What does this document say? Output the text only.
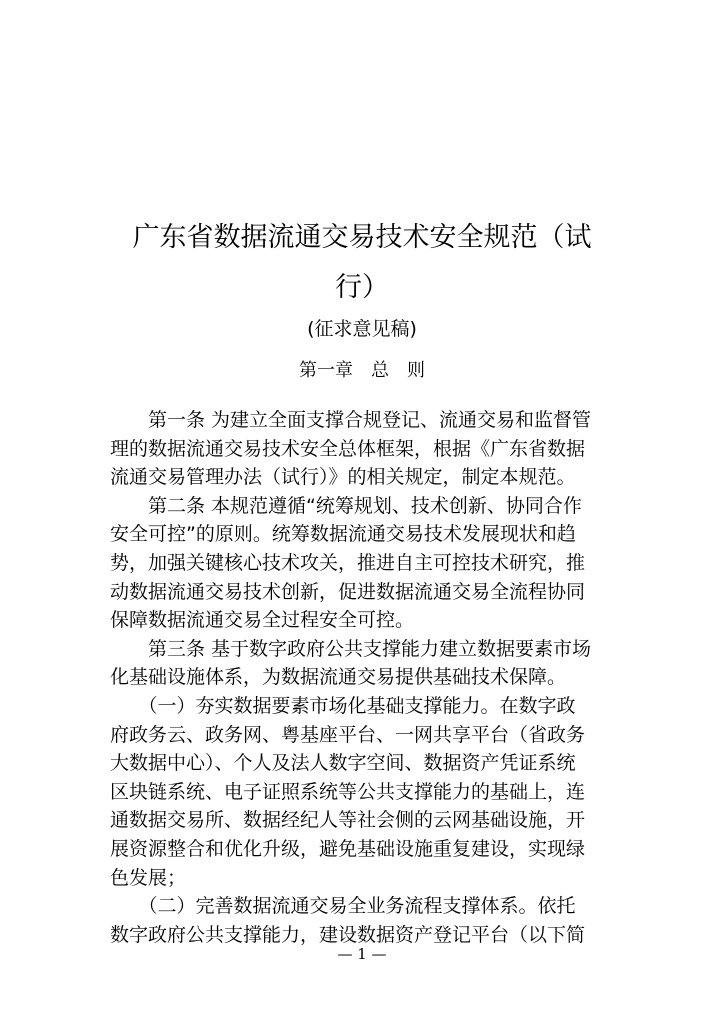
广东省数据流通交易技术安全规范（试
行）
(征求意见稿)
第一章　总　则
　　第一条 为建立全面支撑合规登记、流通交易和监督管
理的数据流通交易技术安全总体框架，根据《广东省数据
流通交易管理办法（试行）》的相关规定，制定本规范。
　　第二条 本规范遵循“统筹规划、技术创新、协同合作
安全可控”的原则。统筹数据流通交易技术发展现状和趋
势，加强关键核心技术攻关，推进自主可控技术研究，推
动数据流通交易技术创新，促进数据流通交易全流程协同
保障数据流通交易全过程安全可控。
　　第三条 基于数字政府公共支撑能力建立数据要素市场
化基础设施体系，为数据流通交易提供基础技术保障。
　　（一）夯实数据要素市场化基础支撑能力。在数字政
府政务云、政务网、粤基座平台、一网共享平台（省政务
大数据中心）、个人及法人数字空间、数据资产凭证系统
区块链系统、电子证照系统等公共支撑能力的基础上，连
通数据交易所、数据经纪人等社会侧的云网基础设施，开
展资源整合和优化升级，避免基础设施重复建设，实现绿
色发展；
　　（二）完善数据流通交易全业务流程支撑体系。依托
数字政府公共支撑能力，建设数据资产登记平台（以下简
— 1 —
